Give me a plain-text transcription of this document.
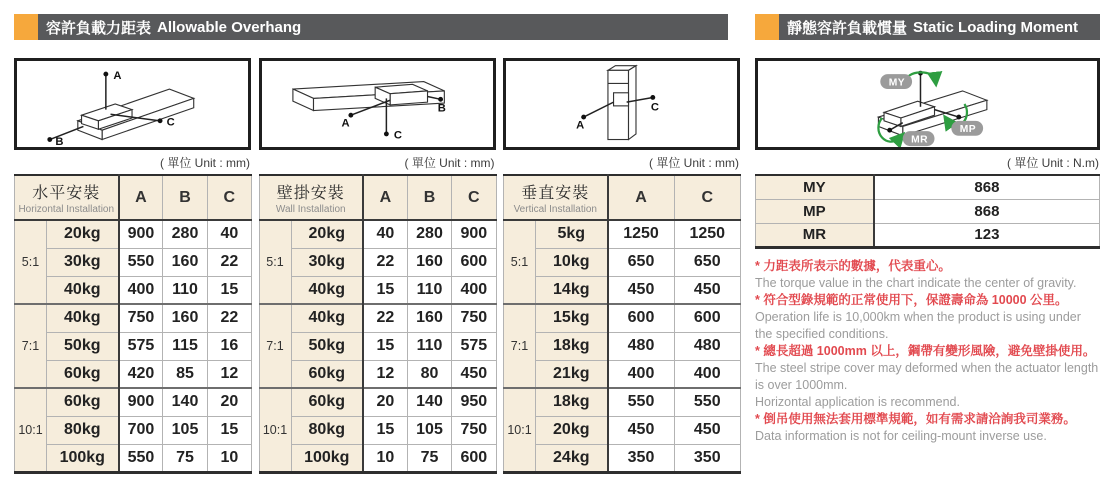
容許負載力距表 Allowable Overhang
A
C
B
( 單位 Unit : mm)
水平安裝
Horizontal Installation		A	B	C
5:1	20kg	900	280	40
	30kg	550	160	22
	40kg	400	110	15
7:1	40kg	750	160	22
	50kg	575	115	16
	60kg	420	85	12
10:1	60kg	900	140	20
	80kg	700	105	15
	100kg	550	75	10
A
C
B
( 單位 Unit : mm)
壁掛安裝
Wall Installation		A	B	C
5:1	20kg	40	280	900
	30kg	22	160	600
	40kg	15	110	400
7:1	40kg	22	160	750
	50kg	15	110	575
	60kg	12	80	450
10:1	60kg	20	140	950
	80kg	15	105	750
	100kg	10	75	600
A
C
( 單位 Unit : mm)
垂直安裝
Vertical Installation		A	C
5:1	5kg	1250	1250
	10kg	650	650
	14kg	450	450
7:1	15kg	600	600
	18kg	480	480
	21kg	400	400
10:1	18kg	550	550
	20kg	450	450
	24kg	350	350
靜態容許負載慣量 Static Loading Moment
MY
MP
MR
( 單位 Unit : N.m)
MY	868
MP	868
MR	123

* 力距表所表示的數據，代表重心。

The torque value in the chart indicate the center of gravity.

* 符合型錄規範的正常使用下，保證壽命為 10000 公里。

Operation life is 10,000km when the product is using under the specified conditions.

* 總長超過 1000mm 以上，鋼帶有變形風險，避免壁掛使用。

The steel stripe cover may deformed when the actuator length is over 1000mm.

Horizontal application is recommend.

* 倒吊使用無法套用標準規範，如有需求請洽詢我司業務。

Data information is not for ceiling-mount inverse use.
